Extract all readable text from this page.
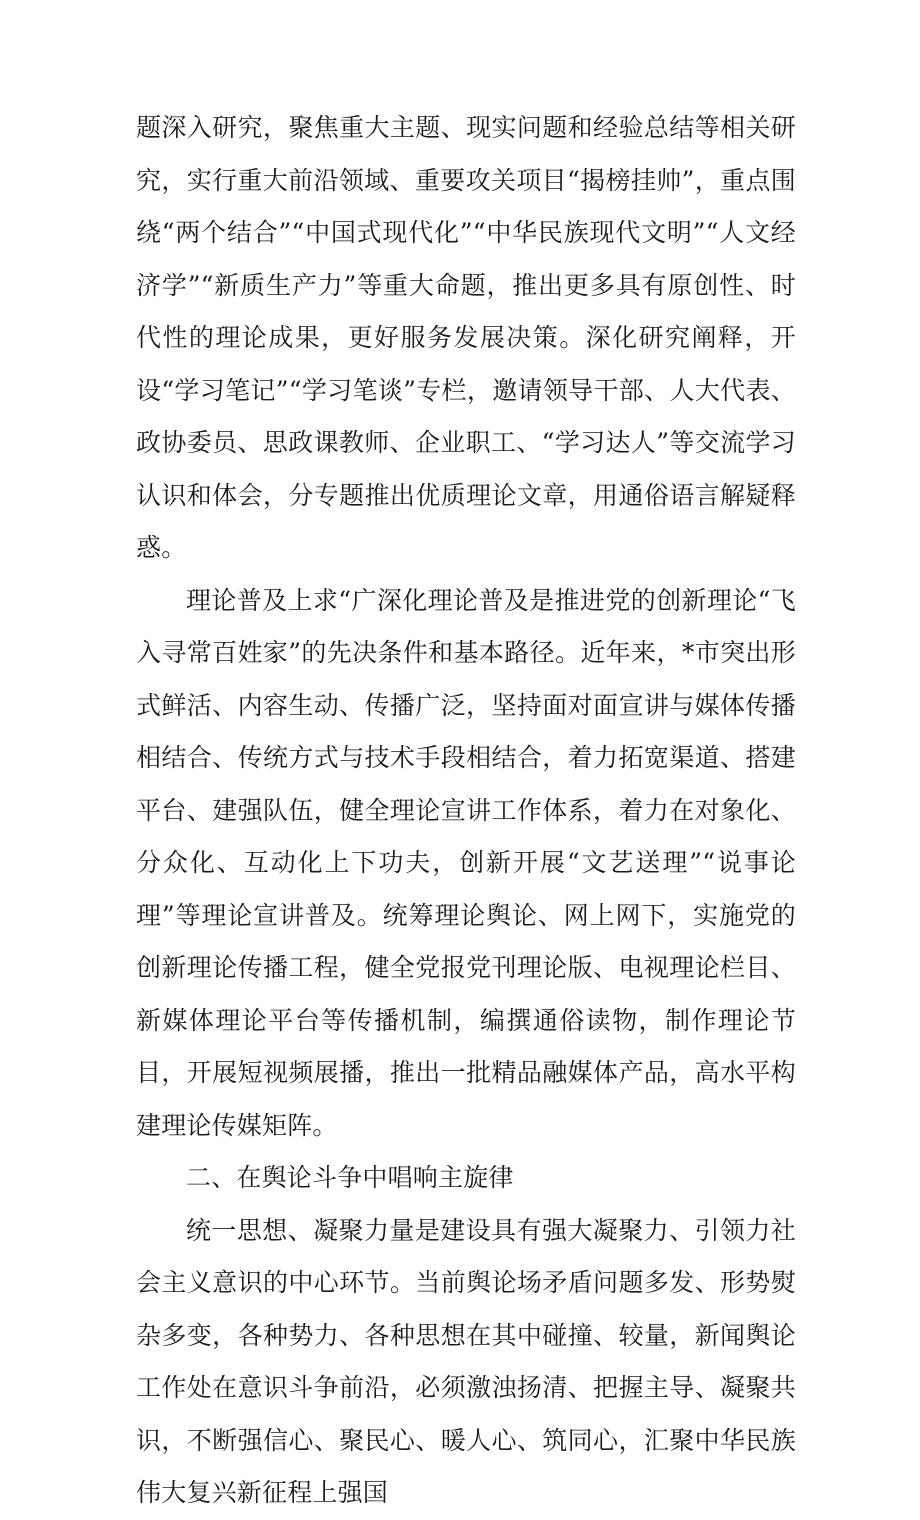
题深入研究，聚焦重大主题、现实问题和经验总结等相关研究，实行重大前沿领域、重要攻关项目“揭榜挂帅”，重点围绕“两个结合”“中国式现代化”“中华民族现代文明”“人文经济学”“新质生产力”等重大命题，推出更多具有原创性、时代性的理论成果，更好服务发展决策。深化研究阐释，开设“学习笔记”“学习笔谈”专栏，邀请领导干部、人大代表、政协委员、思政课教师、企业职工、“学习达人”等交流学习认识和体会，分专题推出优质理论文章，用通俗语言解疑释惑。

理论普及上求“广深化理论普及是推进党的创新理论“飞入寻常百姓家”的先决条件和基本路径。近年来，*市突出形式鲜活、内容生动、传播广泛，坚持面对面宣讲与媒体传播相结合、传统方式与技术手段相结合，着力拓宽渠道、搭建平台、建强队伍，健全理论宣讲工作体系，着力在对象化、分众化、互动化上下功夫，创新开展“文艺送理”“说事论理”等理论宣讲普及。统筹理论舆论、网上网下，实施党的创新理论传播工程，健全党报党刊理论版、电视理论栏目、新媒体理论平台等传播机制，编撰通俗读物，制作理论节目，开展短视频展播，推出一批精品融媒体产品，高水平构建理论传媒矩阵。

二、在舆论斗争中唱响主旋律

统一思想、凝聚力量是建设具有强大凝聚力、引领力社会主义意识的中心环节。当前舆论场矛盾问题多发、形势熨杂多变，各种势力、各种思想在其中碰撞、较量，新闻舆论工作处在意识斗争前沿，必须激浊扬清、把握主导、凝聚共识，不断强信心、聚民心、暖人心、筑同心，汇聚中华民族伟大复兴新征程上强国
